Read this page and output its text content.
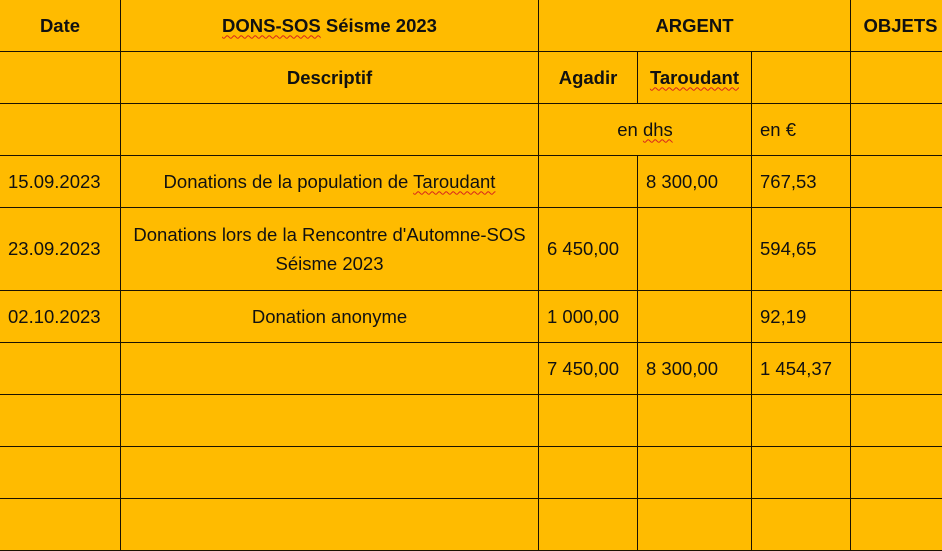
Date	DONS-SOS Séisme 2023	ARGENT			OBJETS
	Descriptif	Agadir	Taroudant		
		en dhs		en €	
15.09.2023	Donations de la population de Taroudant		8 300,00	767,53	
23.09.2023	Donations lors de la Rencontre d'Automne-SOS Séisme 2023	6 450,00		594,65	
02.10.2023	Donation anonyme	1 000,00		92,19	
		7 450,00	8 300,00	1 454,37	
